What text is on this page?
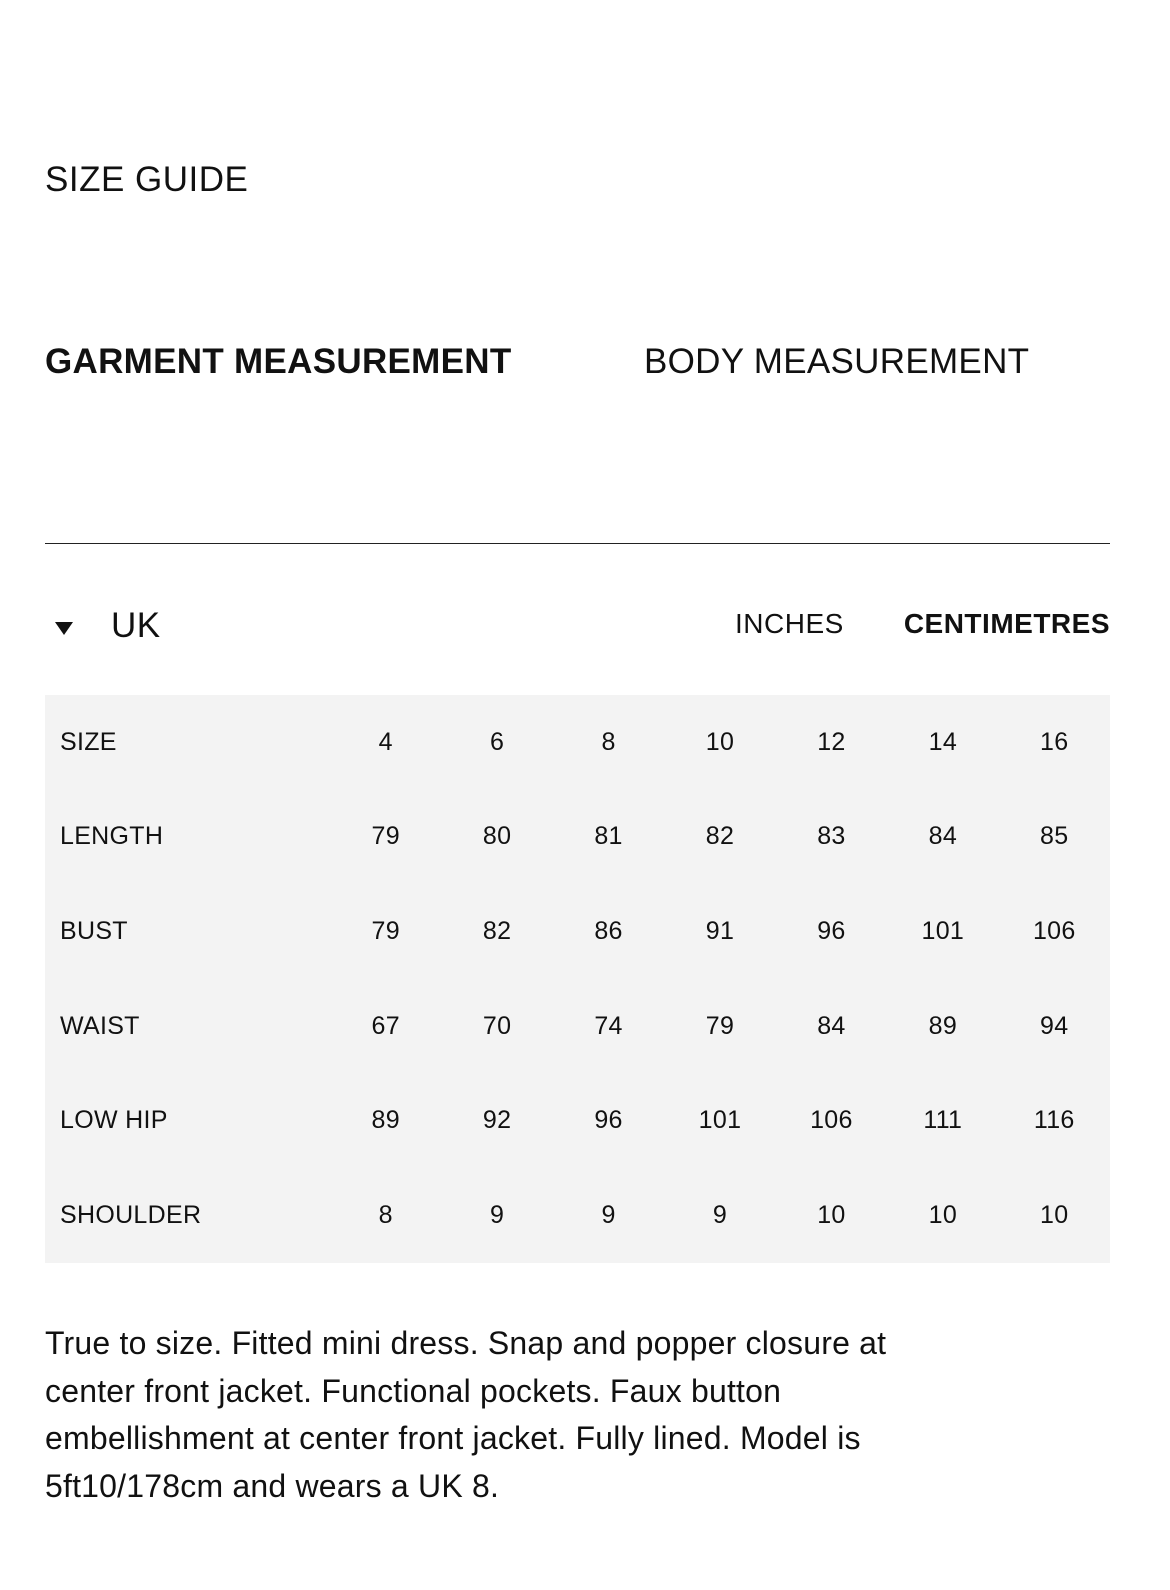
SIZE GUIDE
GARMENT MEASUREMENT	BODY MEASUREMENT
UK	INCHES CENTIMETRES
SIZE	4	6	8	10	12	14	16
LENGTH	79	80	81	82	83	84	85
BUST	79	82	86	91	96	101	106
WAIST	67	70	74	79	84	89	94
LOW HIP	89	92	96	101	106	111	116
SHOULDER	8	9	9	9	10	10	10

True to size. Fitted mini dress. Snap and popper closure at center front jacket. Functional pockets. Faux button embellishment at center front jacket. Fully lined. Model is 5ft10/178cm and wears a UK 8.
